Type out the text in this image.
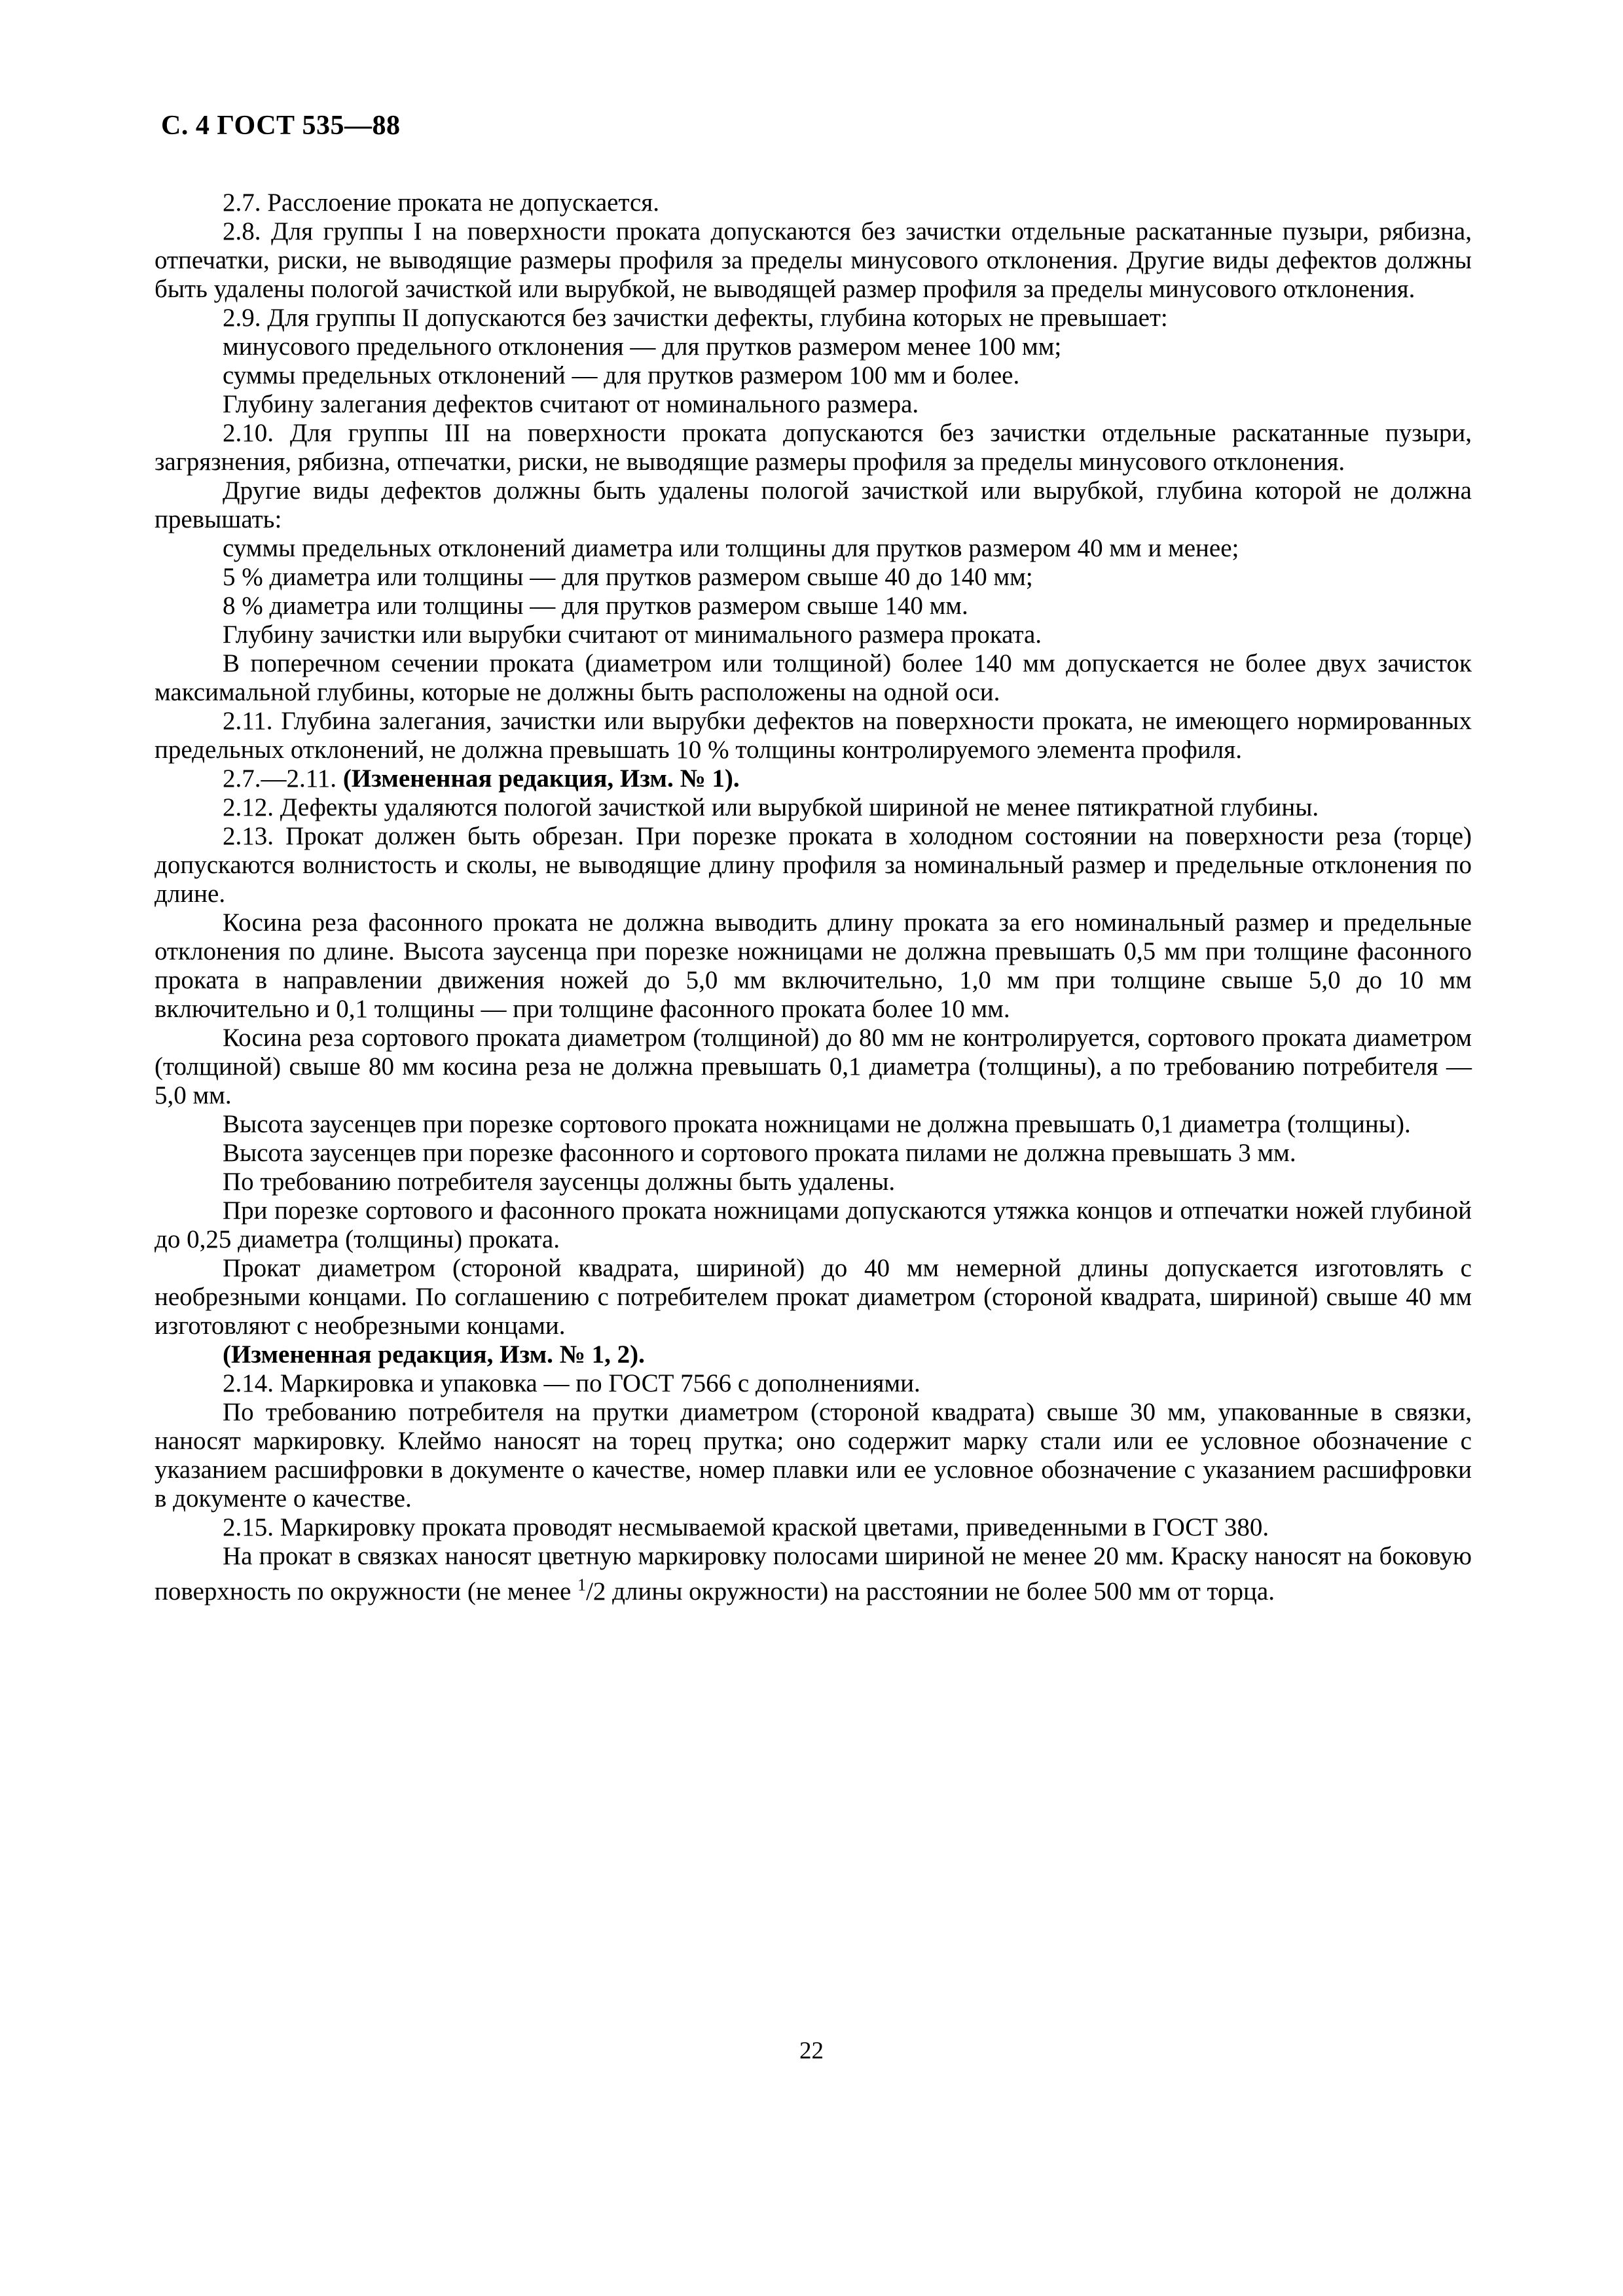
С. 4 ГОСТ 535—88

2.7. Расслоение проката не допускается.

2.8. Для группы I на поверхности проката допускаются без зачистки отдельные раскатанные пузыри, рябизна, отпечатки, риски, не выводящие размеры профиля за пределы минусового отклонения. Другие виды дефектов должны быть удалены пологой зачисткой или вырубкой, не выводящей размер профиля за пределы минусового отклонения.

2.9. Для группы II допускаются без зачистки дефекты, глубина которых не превышает:

минусового предельного отклонения — для прутков размером менее 100 мм;

суммы предельных отклонений — для прутков размером 100 мм и более.

Глубину залегания дефектов считают от номинального размера.

2.10. Для группы III на поверхности проката допускаются без зачистки отдельные раскатанные пузыри, загрязнения, рябизна, отпечатки, риски, не выводящие размеры профиля за пределы минусового отклонения.

Другие виды дефектов должны быть удалены пологой зачисткой или вырубкой, глубина которой не должна превышать:

суммы предельных отклонений диаметра или толщины для прутков размером 40 мм и менее;

5 % диаметра или толщины — для прутков размером свыше 40 до 140 мм;

8 % диаметра или толщины — для прутков размером свыше 140 мм.

Глубину зачистки или вырубки считают от минимального размера проката.

В поперечном сечении проката (диаметром или толщиной) более 140 мм допускается не более двух зачисток максимальной глубины, которые не должны быть расположены на одной оси.

2.11. Глубина залегания, зачистки или вырубки дефектов на поверхности проката, не имеющего нормированных предельных отклонений, не должна превышать 10 % толщины контролируемого элемента профиля.

2.7.—2.11. (Измененная редакция, Изм. № 1).

2.12. Дефекты удаляются пологой зачисткой или вырубкой шириной не менее пятикратной глубины.

2.13. Прокат должен быть обрезан. При порезке проката в холодном состоянии на поверхности реза (торце) допускаются волнистость и сколы, не выводящие длину профиля за номинальный размер и предельные отклонения по длине.

Косина реза фасонного проката не должна выводить длину проката за его номинальный размер и предельные отклонения по длине. Высота заусенца при порезке ножницами не должна превышать 0,5 мм при толщине фасонного проката в направлении движения ножей до 5,0 мм включительно, 1,0 мм при толщине свыше 5,0 до 10 мм включительно и 0,1 толщины — при толщине фасонного проката более 10 мм.

Косина реза сортового проката диаметром (толщиной) до 80 мм не контролируется, сортового проката диаметром (толщиной) свыше 80 мм косина реза не должна превышать 0,1 диаметра (толщины), а по требованию потребителя — 5,0 мм.

Высота заусенцев при порезке сортового проката ножницами не должна превышать 0,1 диаметра (толщины).

Высота заусенцев при порезке фасонного и сортового проката пилами не должна превышать 3 мм.

По требованию потребителя заусенцы должны быть удалены.

При порезке сортового и фасонного проката ножницами допускаются утяжка концов и отпечатки ножей глубиной до 0,25 диаметра (толщины) проката.

Прокат диаметром (стороной квадрата, шириной) до 40 мм немерной длины допускается изготовлять с необрезными концами. По соглашению с потребителем прокат диаметром (стороной квадрата, шириной) свыше 40 мм изготовляют с необрезными концами.

(Измененная редакция, Изм. № 1, 2).

2.14. Маркировка и упаковка — по ГОСТ 7566 с дополнениями.

По требованию потребителя на прутки диаметром (стороной квадрата) свыше 30 мм, упакованные в связки, наносят маркировку. Клеймо наносят на торец прутка; оно содержит марку стали или ее условное обозначение с указанием расшифровки в документе о качестве, номер плавки или ее условное обозначение с указанием расшифровки в документе о качестве.

2.15. Маркировку проката проводят несмываемой краской цветами, приведенными в ГОСТ 380.

На прокат в связках наносят цветную маркировку полосами шириной не менее 20 мм. Краску наносят на боковую поверхность по окружности (не менее $^1$/2 длины окружности) на расстоянии не более 500 мм от торца.

22
